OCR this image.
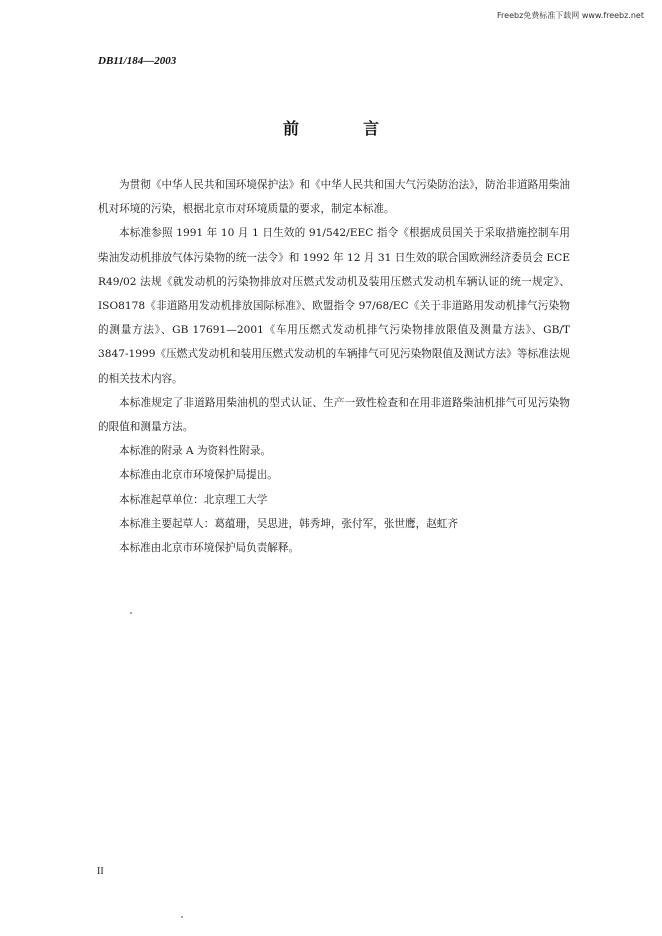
Freebz免费标准下载网 www.freebz.net
DB11/184—2003
前　言

为贯彻《中华人民共和国环境保护法》和《中华人民共和国大气污染防治法》，防治非道路用柴油机对环境的污染，根据北京市对环境质量的要求，制定本标准。

本标准参照 1991 年 10 月 1 日生效的 91/542/EEC 指令《根据成员国关于采取措施控制车用柴油发动机排放气体污染物的统一法令》和 1992 年 12 月 31 日生效的联合国欧洲经济委员会 ECE R49/02 法规《就发动机的污染物排放对压燃式发动机及装用压燃式发动机车辆认证的统一规定》、ISO8178《非道路用发动机排放国际标准》、欧盟指令 97/68/EC《关于非道路用发动机排气污染物的测量方法》、GB 17691—2001《车用压燃式发动机排气污染物排放限值及测量方法》、GB/T 3847-1999《压燃式发动机和装用压燃式发动机的车辆排气可见污染物限值及测试方法》等标准法规的相关技术内容。

本标准规定了非道路用柴油机的型式认证、生产一致性检查和在用非道路柴油机排气可见污染物的限值和测量方法。

本标准的附录 A 为资料性附录。

本标准由北京市环境保护局提出。

本标准起草单位：北京理工大学

本标准主要起草人：葛蕴珊，吴思进，韩秀坤，张付军，张世鹰，赵虹齐

本标准由北京市环境保护局负责解释。

II
